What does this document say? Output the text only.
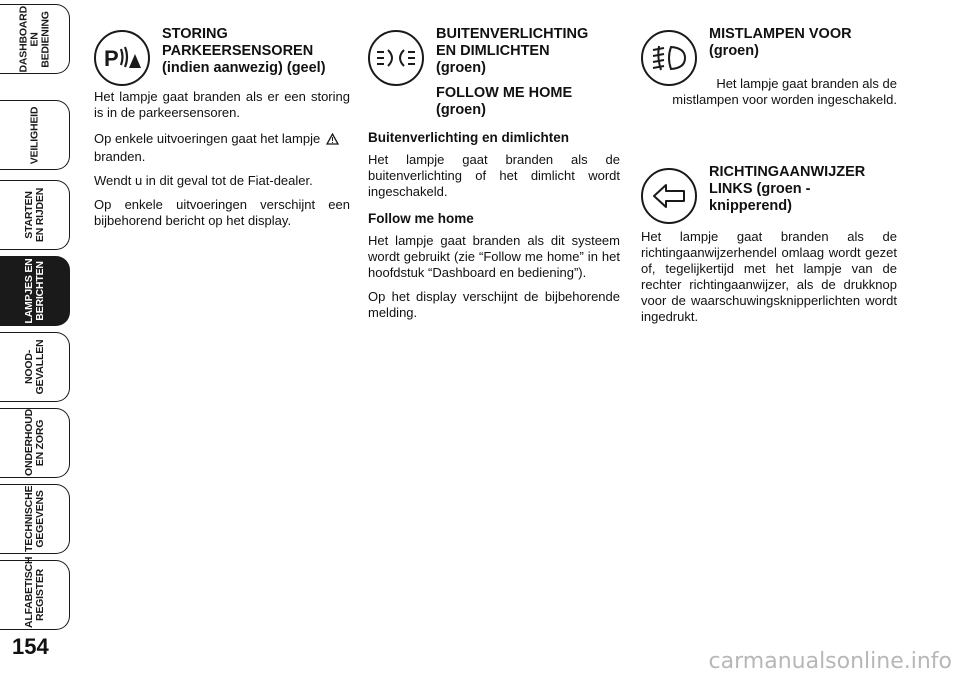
DASHBOARD
EN BEDIENING
VEILIGHEID
STARTEN
EN RIJDEN
LAMPJES EN
BERICHTEN
NOOD-
GEVALLEN
ONDERHOUD
EN ZORG
TECHNISCHE
GEGEVENS
ALFABETISCH
REGISTER
154
P

STORING

PARKEERSENSOREN

(indien aanwezig) (geel)

Het lampje gaat branden als er een storing is in de parkeersensoren.

Op enkele uitvoeringen gaat het lampje
branden.

Wendt u in dit geval tot de Fiat-dealer.

Op enkele uitvoeringen verschijnt een bijbehorend bericht op het display.

BUITENVERLICHTING

EN DIMLICHTEN

(groen)

FOLLOW ME HOME

(groen)

Buitenverlichting en dimlichten

Het lampje gaat branden als de buitenverlichting of het dimlicht wordt ingeschakeld.

Follow me home

Het lampje gaat branden als dit systeem wordt gebruikt (zie “Follow me home” in het hoofdstuk “Dashboard en bediening”).

Op het display verschijnt de bijbehorende melding.

MISTLAMPEN VOOR

(groen)

Het lampje gaat branden als de
mistlampen voor worden ingeschakeld.

RICHTINGAANWIJZER

LINKS (groen -

knipperend)

Het lampje gaat branden als de richtingaanwijzerhendel omlaag wordt gezet of, tegelijkertijd met het lampje van de rechter richtingaanwijzer, als de drukknop voor de waarschuwingsknipperlichten wordt ingedrukt.

carmanualsonline.info
